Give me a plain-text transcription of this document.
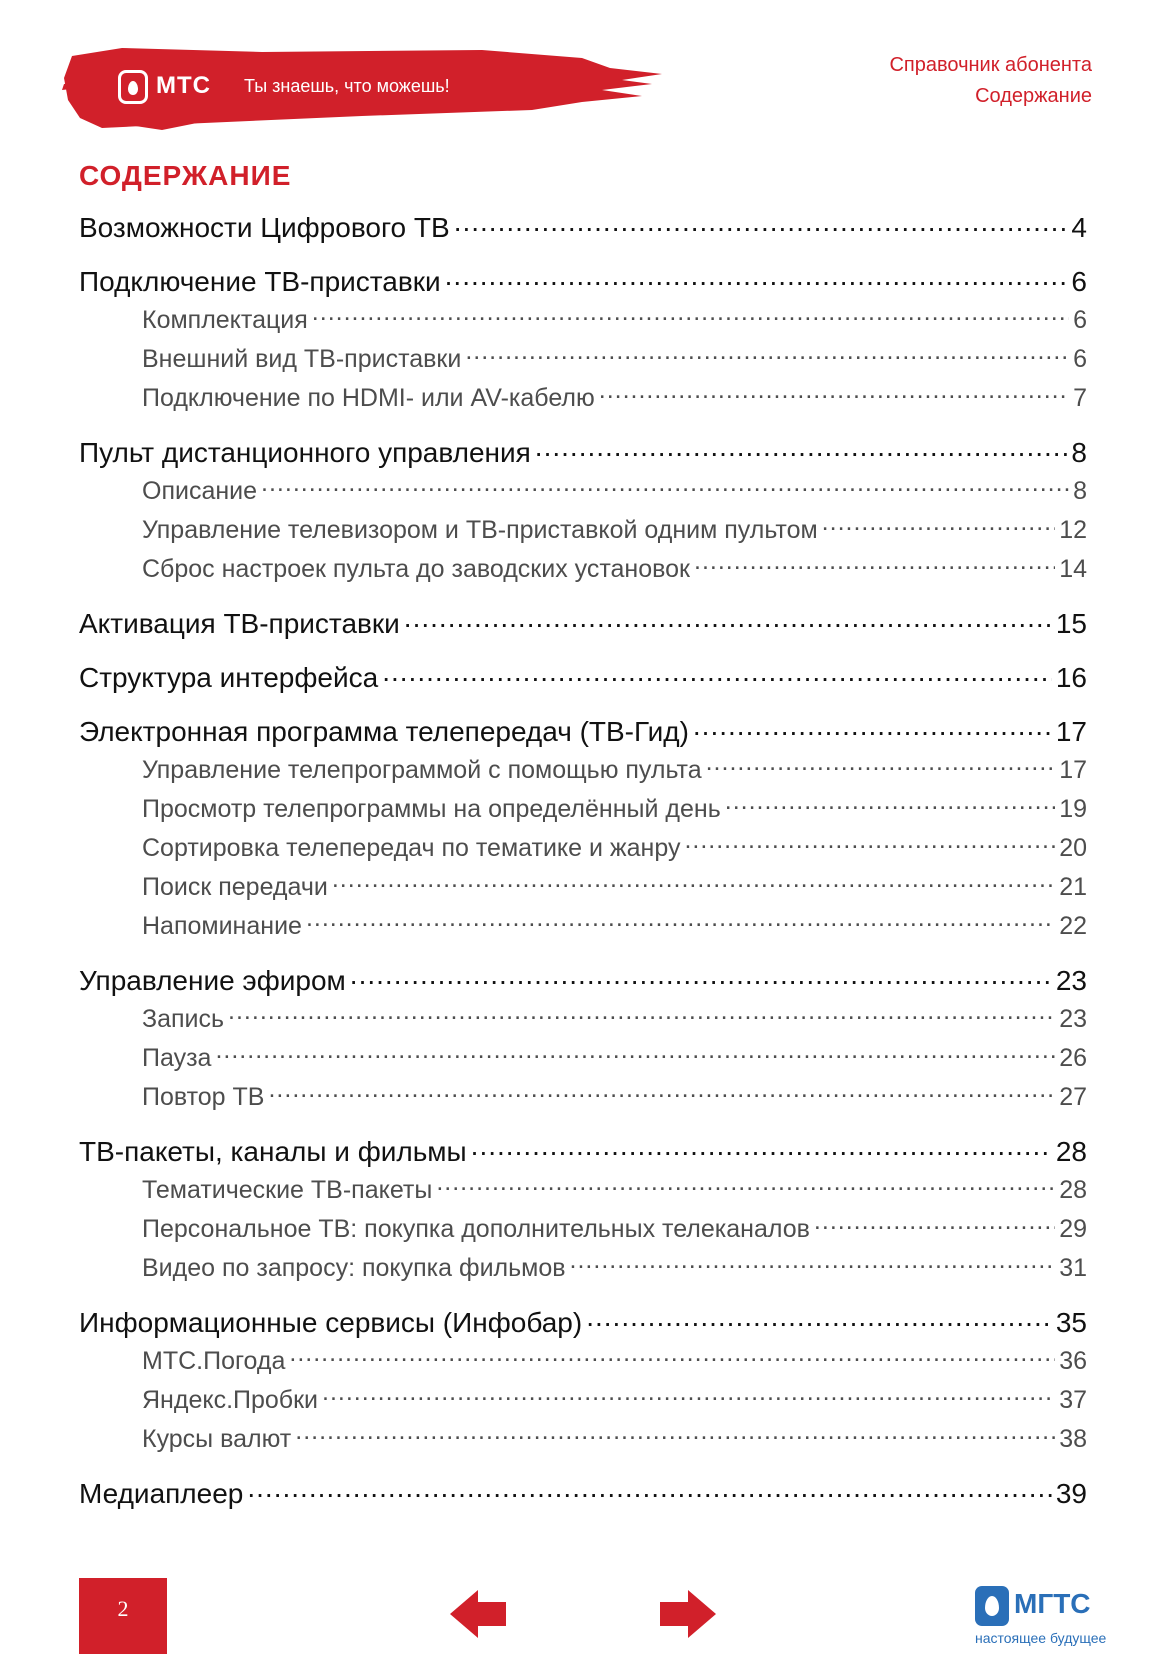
МТС Ты знаешь, что можешь!
Справочник абонента
Содержание
СОДЕРЖАНИЕ
Возможности Цифрового ТВ .....	4
Подключение ТВ-приставки .....	6
Комплектация .....	6
Внешний вид ТВ-приставки .....	6
Подключение по HDMI- или AV-кабелю .....	7
Пульт дистанционного управления .....	8
Описание .....	8
Управление телевизором и ТВ-приставкой одним пультом .....	12
Сброс настроек пульта до заводских установок .....	14
Активация ТВ-приставки .....	15
Структура интерфейса .....	16
Электронная программа телепередач (ТВ-Гид) .....	17
Управление телепрограммой с помощью пульта .....	17
Просмотр телепрограммы на определённый день .....	19
Сортировка телепередач по тематике и жанру .....	20
Поиск передачи .....	21
Напоминание .....	22
Управление эфиром .....	23
Запись .....	23
Пауза .....	26
Повтор ТВ .....	27
ТВ-пакеты, каналы и фильмы .....	28
Тематические ТВ-пакеты .....	28
Персональное ТВ: покупка дополнительных телеканалов .....	29
Видео по запросу: покупка фильмов .....	31
Информационные сервисы (Инфобар) .....	35
МТС.Погода .....	36
Яндекс.Пробки .....	37
Курсы валют .....	38
Медиаплеер .....	39
2	МГТС
настоящее будущее
